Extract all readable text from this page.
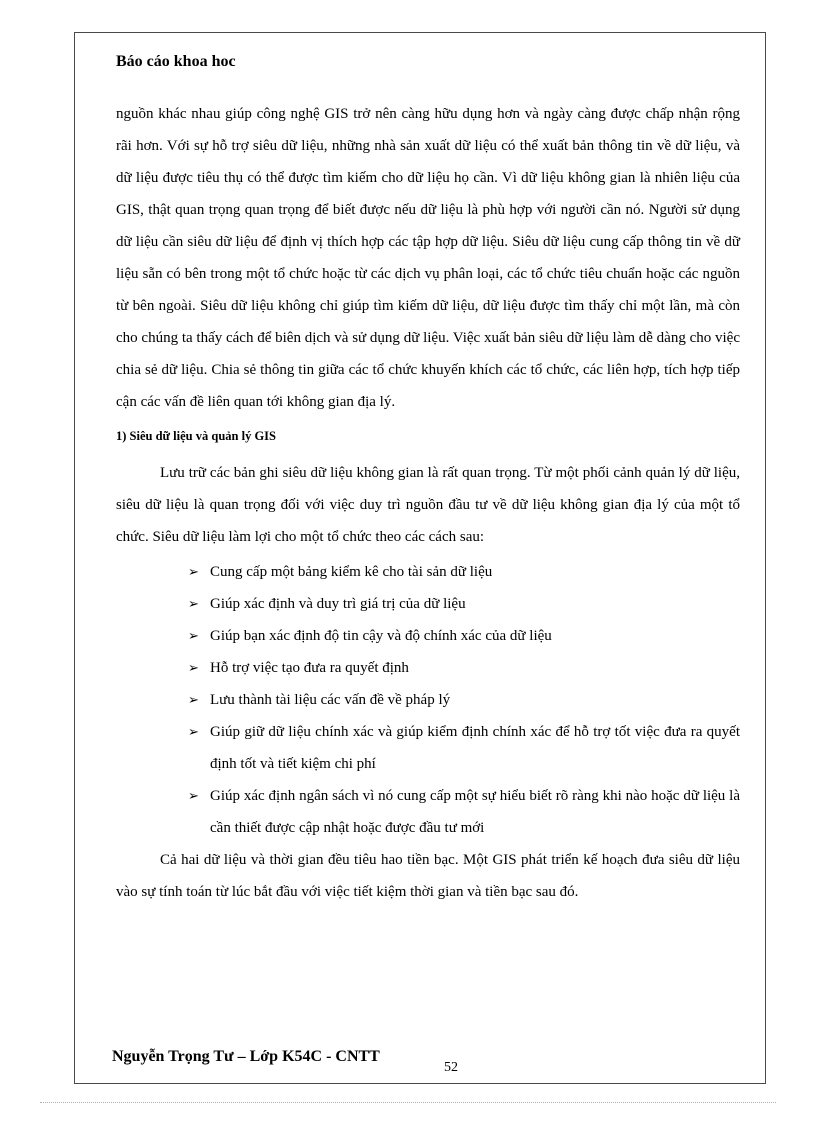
Báo cáo khoa hoc

nguồn khác nhau giúp công nghệ GIS trở nên càng hữu dụng hơn và ngày càng được chấp nhận rộng rãi hơn. Với sự hỗ trợ siêu dữ liệu, những nhà sản xuất dữ liệu có thể xuất bản thông tin về dữ liệu, và dữ liệu được tiêu thụ có thể được tìm kiếm cho dữ liệu họ cần. Vì dữ liệu không gian là nhiên liệu của GIS, thật quan trọng quan trọng để biết được nếu dữ liệu là phù hợp với người cần nó. Người sử dụng dữ liệu cần siêu dữ liệu để định vị thích hợp các tập hợp dữ liệu. Siêu dữ liệu cung cấp thông tin về dữ liệu sẵn có bên trong một tổ chức hoặc từ các dịch vụ phân loại, các tổ chức tiêu chuẩn hoặc các nguồn từ bên ngoài. Siêu dữ liệu không chỉ giúp tìm kiếm dữ liệu, dữ liệu được tìm thấy chỉ một lần, mà còn cho chúng ta thấy cách để biên dịch và sử dụng dữ liệu. Việc xuất bản siêu dữ liệu làm dễ dàng cho việc chia sẻ dữ liệu. Chia sẻ thông tin giữa các tổ chức khuyến khích các tổ chức, các liên hợp, tích hợp tiếp cận các vấn đề liên quan tới không gian địa lý.

1) Siêu dữ liệu và quản lý GIS

Lưu trữ các bản ghi siêu dữ liệu không gian là rất quan trọng. Từ một phối cảnh quản lý dữ liệu, siêu dữ liệu là quan trọng đối với việc duy trì nguồn đầu tư về dữ liệu không gian địa lý của một tổ chức. Siêu dữ liệu làm lợi cho một tổ chức theo các cách sau:

➢ Cung cấp một bảng kiểm kê cho tài sản dữ liệu
➢ Giúp xác định và duy trì giá trị của dữ liệu
➢ Giúp bạn xác định độ tin cậy và độ chính xác của dữ liệu
➢ Hỗ trợ việc tạo đưa ra quyết định
➢ Lưu thành tài liệu các vấn đề về pháp lý
➢ Giúp giữ dữ liệu chính xác và giúp kiểm định chính xác để hỗ trợ tốt việc đưa ra quyết định tốt và tiết kiệm chi phí
➢ Giúp xác định ngân sách vì nó cung cấp một sự hiểu biết rõ ràng khi nào hoặc dữ liệu là cần thiết được cập nhật hoặc được đầu tư mới

Cả hai dữ liệu và thời gian đều tiêu hao tiền bạc. Một GIS phát triển kế hoạch đưa siêu dữ liệu vào sự tính toán từ lúc bắt đầu với việc tiết kiệm thời gian và tiền bạc sau đó.

Nguyễn Trọng Tư – Lớp K54C - CNTT
52
